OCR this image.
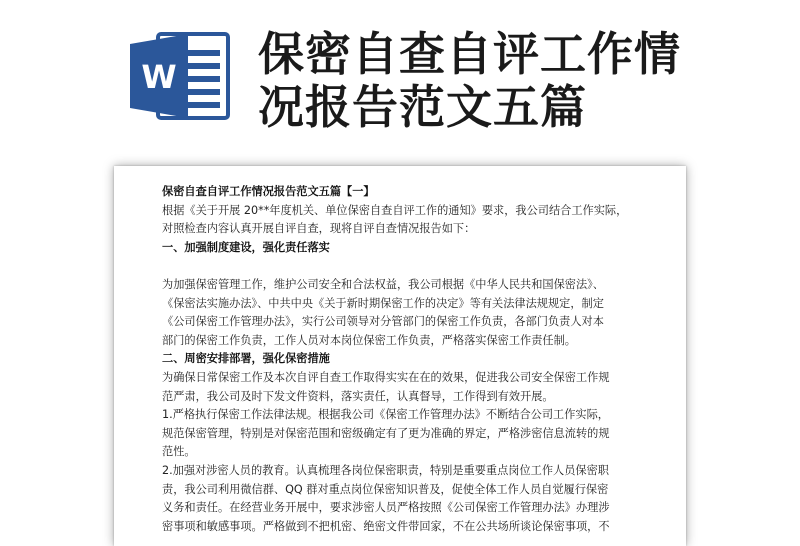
W 保密自查自评工作情
况报告范文五篇
保密自查自评工作情况报告范文五篇【一】
根据《关于开展 20**年度机关、单位保密自查自评工作的通知》要求，我公司结合工作实际，
对照检查内容认真开展自评自查，现将自评自查情况报告如下：
一、加强制度建设，强化责任落实
为加强保密管理工作，维护公司安全和合法权益，我公司根据《中华人民共和国保密法》、
《保密法实施办法》、中共中央《关于新时期保密工作的决定》等有关法律法规规定，制定
《公司保密工作管理办法》，实行公司领导对分管部门的保密工作负责，各部门负责人对本
部门的保密工作负责，工作人员对本岗位保密工作负责，严格落实保密工作责任制。
二、周密安排部署，强化保密措施
为确保日常保密工作及本次自评自查工作取得实实在在的效果，促进我公司安全保密工作规
范严肃，我公司及时下发文件资料，落实责任，认真督导，工作得到有效开展。
1.严格执行保密工作法律法规。根据我公司《保密工作管理办法》不断结合公司工作实际，
规范保密管理，特别是对保密范围和密级确定有了更为准确的界定，严格涉密信息流转的规
范性。
2.加强对涉密人员的教育。认真梳理各岗位保密职责，特别是重要重点岗位工作人员保密职
责，我公司利用微信群、QQ 群对重点岗位保密知识普及，促使全体工作人员自觉履行保密
义务和责任。在经营业务开展中，要求涉密人员严格按照《公司保密工作管理办法》办理涉
密事项和敏感事项。严格做到不把机密、绝密文件带回家，不在公共场所谈论保密事项，不
